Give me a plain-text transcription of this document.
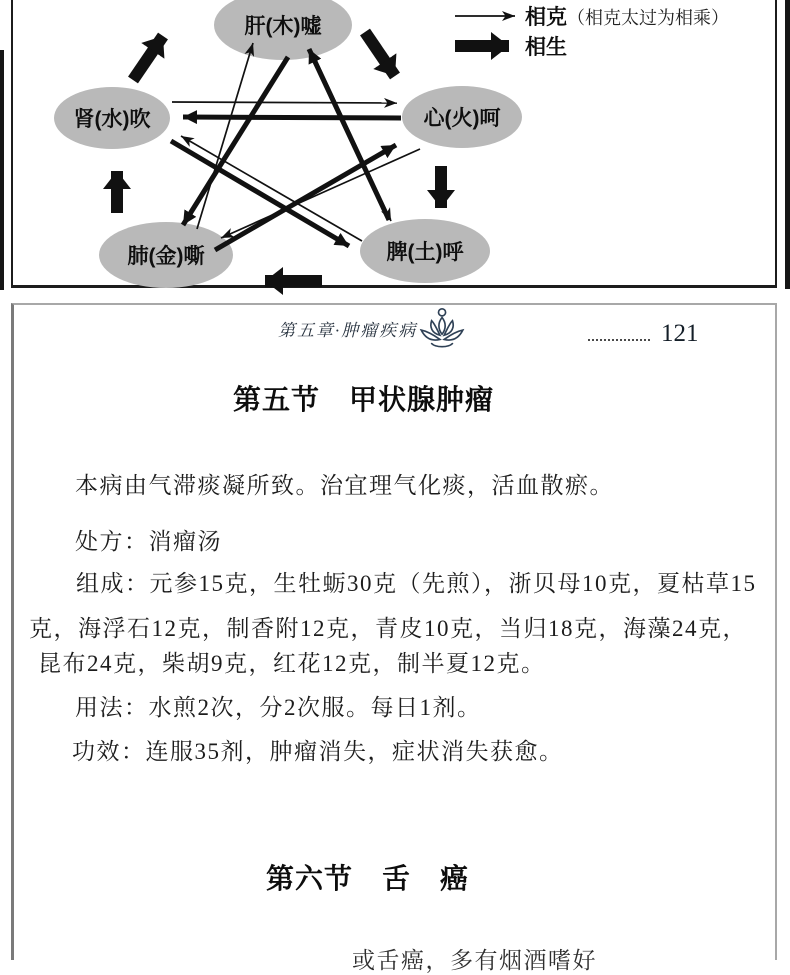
肝(木)嘘
心(火)呵
脾(土)呼
肺(金)嘶
肾(水)吹
相克（相克太过为相乘）
相生
第五章·肿瘤疾病	121
第五节　甲状腺肿瘤
本病由气滞痰凝所致。治宜理气化痰，活血散瘀。
处方：消瘤汤
组成：元参15克，生牡蛎30克（先煎），浙贝母10克，夏枯草15
克，海浮石12克，制香附12克，青皮10克，当归18克，海藻24克，
昆布24克，柴胡9克，红花12克，制半夏12克。
用法：水煎2次，分2次服。每日1剂。
功效：连服35剂，肿瘤消失，症状消失获愈。
第六节　舌　癌
或舌癌，多有烟酒嗜好
